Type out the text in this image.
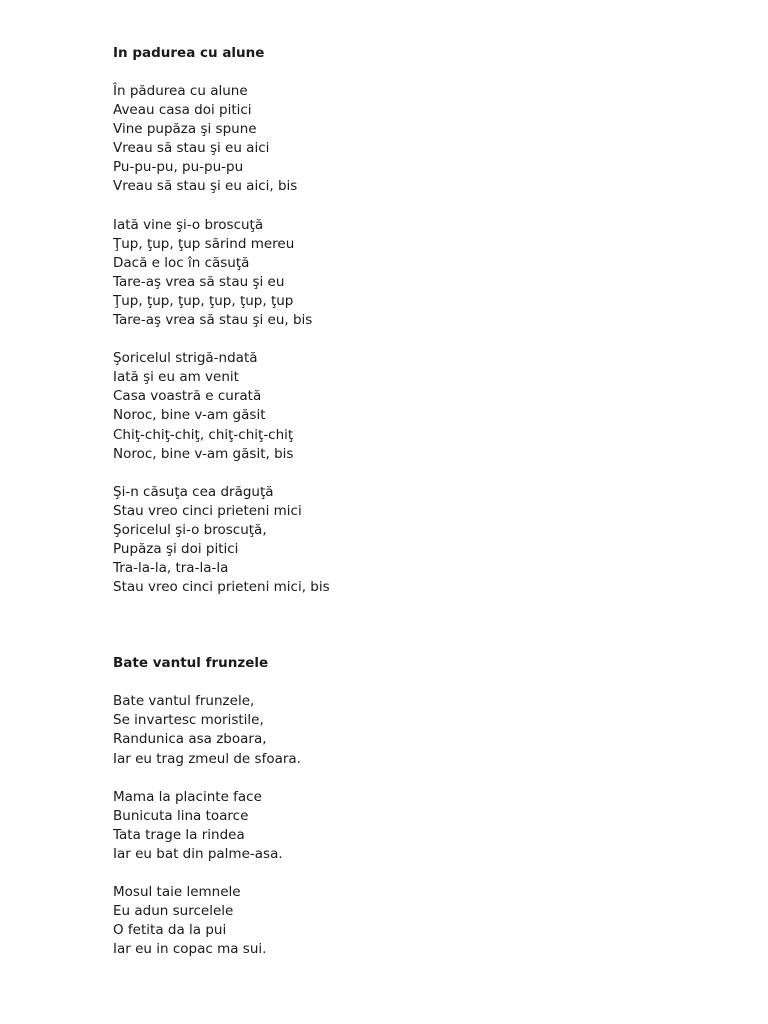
In padurea cu alune
În pădurea cu alune
Aveau casa doi pitici
Vine pupăza şi spune
Vreau să stau şi eu aici
Pu-pu-pu, pu-pu-pu
Vreau să stau şi eu aici, bis
Iată vine şi-o broscuţă
Ţup, ţup, ţup sărind mereu
Dacă e loc în căsuţă
Tare-aş vrea să stau şi eu
Ţup, ţup, ţup, ţup, ţup, ţup
Tare-aş vrea să stau şi eu, bis
Şoricelul strigă-ndată
Iată şi eu am venit
Casa voastră e curată
Noroc, bine v-am găsit
Chiţ-chiţ-chiţ, chiţ-chiţ-chiţ
Noroc, bine v-am găsit, bis
Şi-n căsuţa cea drăguţă
Stau vreo cinci prieteni mici
Şoricelul şi-o broscuţă,
Pupăza şi doi pitici
Tra-la-la, tra-la-la
Stau vreo cinci prieteni mici, bis
Bate vantul frunzele
Bate vantul frunzele,
Se invartesc moristile,
Randunica asa zboara,
Iar eu trag zmeul de sfoara.
Mama la placinte face
Bunicuta lina toarce
Tata trage la rindea
Iar eu bat din palme-asa.
Mosul taie lemnele
Eu adun surcelele
O fetita da la pui
Iar eu in copac ma sui.
